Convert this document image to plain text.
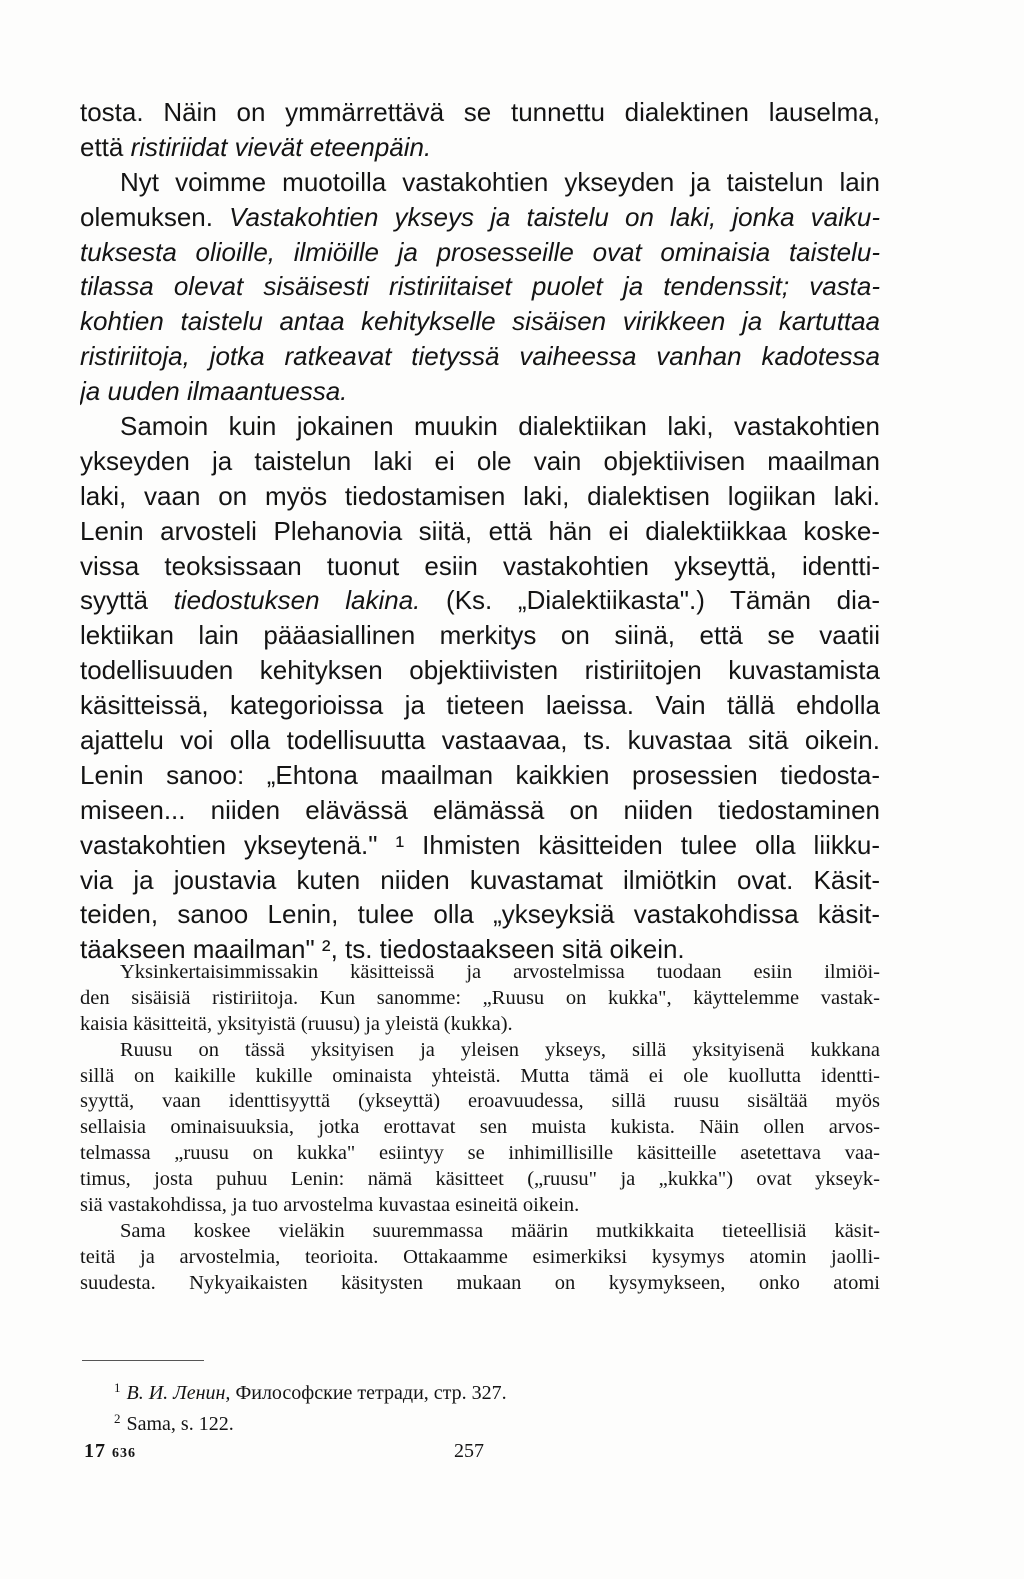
tosta. Näin on ymmärrettävä se tunnettu dialektinen lauselma,
että ristiriidat vievät eteenpäin.
Nyt voimme muotoilla vastakohtien ykseyden ja taistelun lain
olemuksen. Vastakohtien ykseys ja taistelu on laki, jonka vaiku-
tuksesta olioille, ilmiöille ja prosesseille ovat ominaisia taistelu-
tilassa olevat sisäisesti ristiriitaiset puolet ja tendenssit; vasta-
kohtien taistelu antaa kehitykselle sisäisen virikkeen ja kartuttaa
ristiriitoja, jotka ratkeavat tietyssä vaiheessa vanhan kadotessa
ja uuden ilmaantuessa.
Samoin kuin jokainen muukin dialektiikan laki, vastakohtien
ykseyden ja taistelun laki ei ole vain objektiivisen maailman
laki, vaan on myös tiedostamisen laki, dialektisen logiikan laki.
Lenin arvosteli Plehanovia siitä, että hän ei dialektiikkaa koske-
vissa teoksissaan tuonut esiin vastakohtien ykseyttä, identti-
syyttä tiedostuksen lakina. (Ks. „Dialektiikasta".) Tämän dia-
lektiikan lain pääasiallinen merkitys on siinä, että se vaatii
todellisuuden kehityksen objektiivisten ristiriitojen kuvastamista
käsitteissä, kategorioissa ja tieteen laeissa. Vain tällä ehdolla
ajattelu voi olla todellisuutta vastaavaa, ts. kuvastaa sitä oikein.
Lenin sanoo: „Ehtona maailman kaikkien prosessien tiedosta-
miseen... niiden elävässä elämässä on niiden tiedostaminen
vastakohtien ykseytenä." ¹ Ihmisten käsitteiden tulee olla liikku-
via ja joustavia kuten niiden kuvastamat ilmiötkin ovat. Käsit-
teiden, sanoo Lenin, tulee olla „ykseyksiä vastakohdissa käsit-
täakseen maailman" ², ts. tiedostaakseen sitä oikein.
Yksinkertaisimmissakin käsitteissä ja arvostelmissa tuodaan esiin ilmiöi-
den sisäisiä ristiriitoja. Kun sanomme: „Ruusu on kukka", käyttelemme vastak-
kaisia käsitteitä, yksityistä (ruusu) ja yleistä (kukka).
Ruusu on tässä yksityisen ja yleisen ykseys, sillä yksityisenä kukkana
sillä on kaikille kukille ominaista yhteistä. Mutta tämä ei ole kuollutta identti-
syyttä, vaan identtisyyttä (ykseyttä) eroavuudessa, sillä ruusu sisältää myös
sellaisia ominaisuuksia, jotka erottavat sen muista kukista. Näin ollen arvos-
telmassa „ruusu on kukka" esiintyy se inhimillisille käsitteille asetettava vaa-
timus, josta puhuu Lenin: nämä käsitteet („ruusu" ja „kukka") ovat ykseyk-
siä vastakohdissa, ja tuo arvostelma kuvastaa esineitä oikein.
Sama koskee vieläkin suuremmassa määrin mutkikkaita tieteellisiä käsit-
teitä ja arvostelmia, teorioita. Ottakaamme esimerkiksi kysymys atomin jaolli-
suudesta. Nykyaikaisten käsitysten mukaan on kysymykseen, onko atomi
$^1$ В. И. Ленин, Философские тетради, стр. 327.
$^2$ Sama, s. 122.
17 636	257
